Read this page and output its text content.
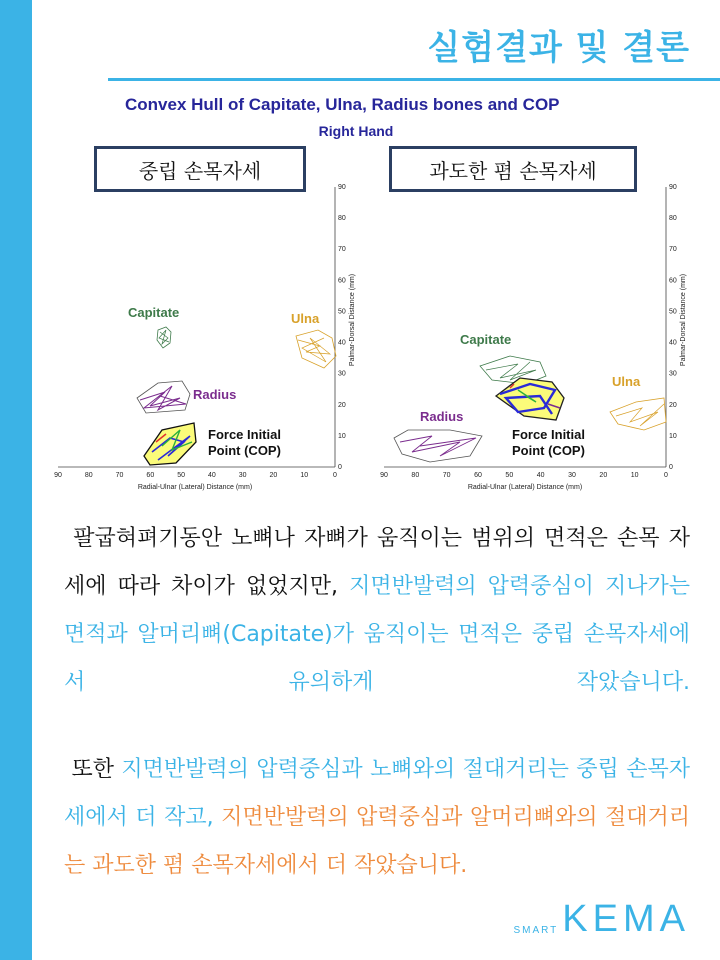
실험결과 및 결론
Convex Hull of Capitate, Ulna, Radius bones and COP
Right Hand
90	80	70	60	50	40	30	20	10	0
0
10
20
30
40
50
60
70
80
90
Radial-Ulnar (Lateral) Distance (mm)
Palmar-Dorsal Distance (mm)
Capitate	Ulna
Radius
Force Initial
Point (COP)
90	80	70	60	50	40	30	20	10	0
0
10
20
30
40
50
60
70
80
90
Radial-Ulnar (Lateral) Distance (mm)
Palmar-Dorsal Distance (mm)
Capitate
Force Initial
Point (COP)
Radius
Ulna
중립 손목자세	과도한 폄 손목자세
팔굽혀펴기동안 노뼈나 자뼈가 움직이는 범위의 면적은 손목 자세에 따라 차이가 없었지만, 지면반발력의 압력중심이 지나가는 면적과 알머리뼈(Capitate)가 움직이는 면적은 중립 손목자세에서 유의하게 작았습니다.
또한 지면반발력의 압력중심과 노뼈와의 절대거리는 중립 손목자세에서 더 작고, 지면반발력의 압력중심과 알머리뼈와의 절대거리는 과도한 폄 손목자세에서 더 작았습니다.
SMART KEMA
